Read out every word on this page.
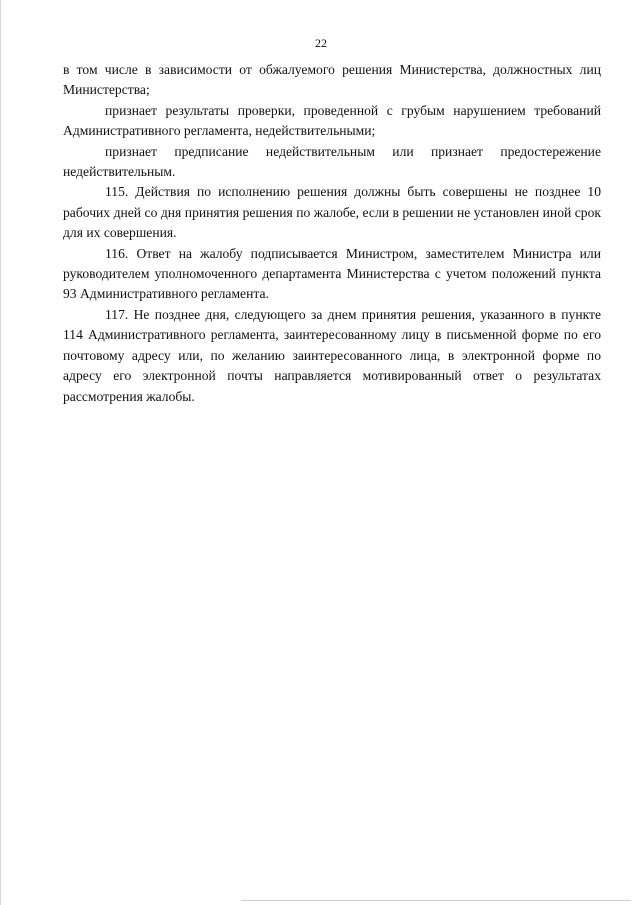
22

в том числе в зависимости от обжалуемого решения Министерства, должностных лиц Министерства;

признает результаты проверки, проведенной с грубым нарушением требований Административного регламента, недействительными;

признает предписание недействительным или признает предостережение недействительным.

115. Действия по исполнению решения должны быть совершены не позднее 10 рабочих дней со дня принятия решения по жалобе, если в решении не установлен иной срок для их совершения.

116. Ответ на жалобу подписывается Министром, заместителем Министра или руководителем уполномоченного департамента Министерства с учетом положений пункта 93 Административного регламента.

117. Не позднее дня, следующего за днем принятия решения, указанного в пункте 114 Административного регламента, заинтересованному лицу в письменной форме по его почтовому адресу или, по желанию заинтересованного лица, в электронной форме по адресу его электронной почты направляется мотивированный ответ о результатах рассмотрения жалобы.
